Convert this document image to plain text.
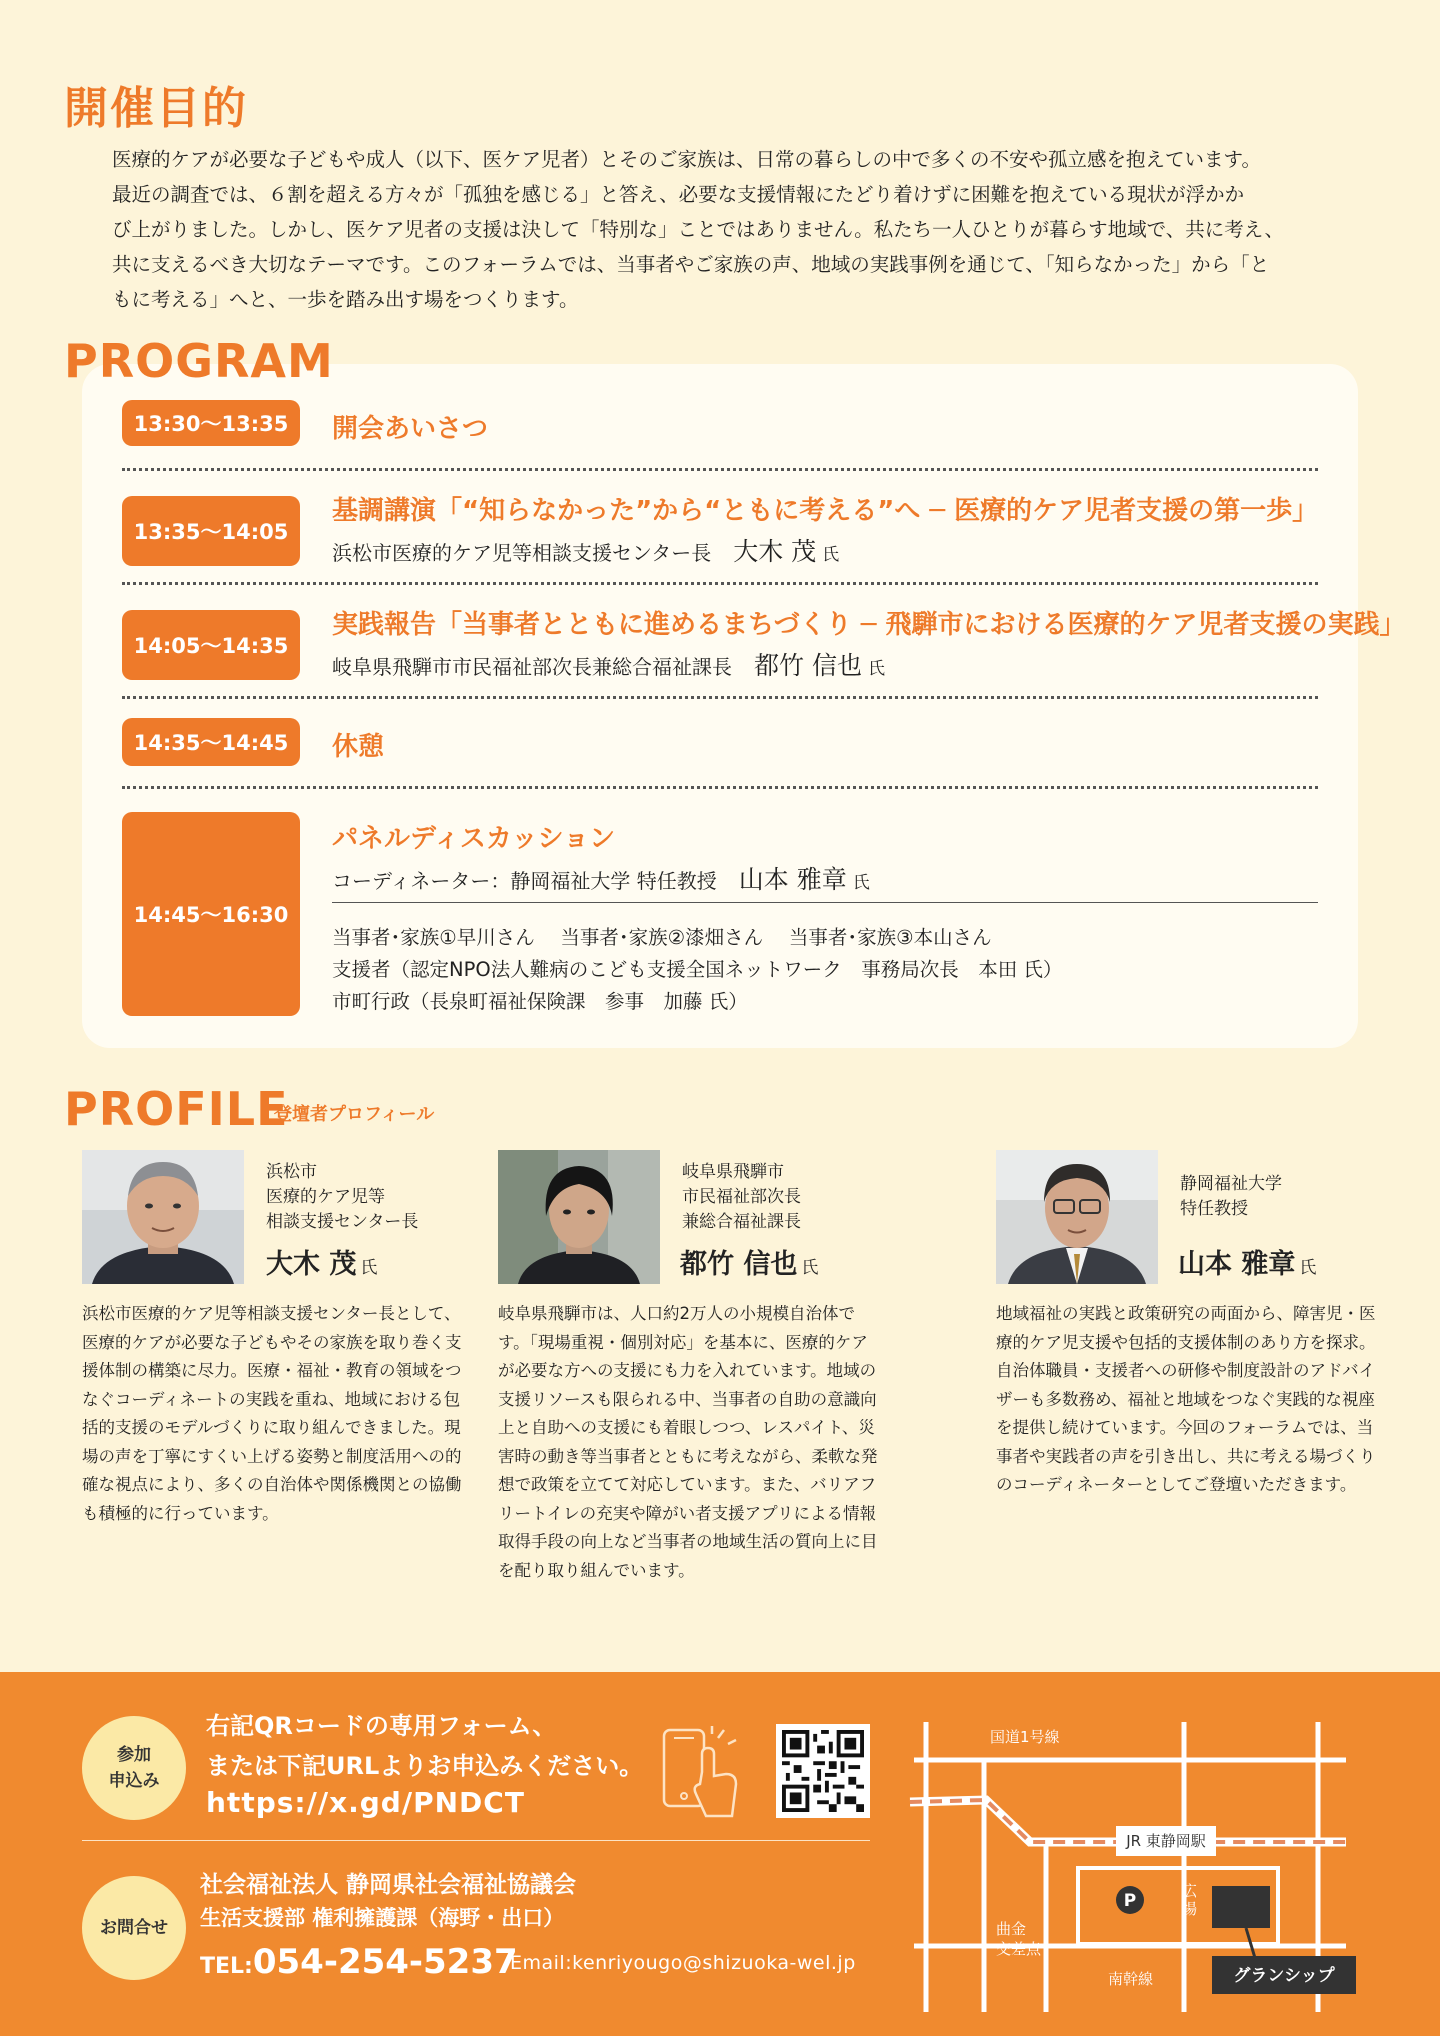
開催目的
医療的ケアが必要な子どもや成人（以下、医ケア児者）とそのご家族は、日常の暮らしの中で多くの不安や孤立感を抱えています。
最近の調査では、６割を超える方々が「孤独を感じる」と答え、必要な支援情報にたどり着けずに困難を抱えている現状が浮かか
び上がりました。しかし、医ケア児者の支援は決して「特別な」ことではありません。私たち一人ひとりが暮らす地域で、共に考え、
共に支えるべき大切なテーマです。このフォーラムでは、当事者やご家族の声、地域の実践事例を通じて、「知らなかった」から「と
もに考える」へと、一歩を踏み出す場をつくります。
PROGRAM
13:30〜13:35	開会あいさつ
13:35〜14:05
基調講演「“知らなかった”から“ともに考える”へ ─ 医療的ケア児者支援の第一歩」
浜松市医療的ケア児等相談支援センター長 大木 茂 氏
14:05〜14:35
実践報告「当事者とともに進めるまちづくり ─ 飛騨市における医療的ケア児者支援の実践」
岐阜県飛騨市市民福祉部次長兼総合福祉課長 都竹 信也 氏
14:35〜14:45	休憩
14:45〜16:30
パネルディスカッション
コーディネーター：静岡福祉大学 特任教授 山本 雅章 氏
当事者･家族①早川さん　 当事者･家族②漆畑さん　 当事者･家族③本山さん
支援者（認定NPO法人難病のこども支援全国ネットワーク　事務局次長　本田 氏）
市町行政（長泉町福祉保険課　参事　加藤 氏）
PROFILE
登壇者プロフィール
浜松市
医療的ケア児等
相談支援センター長
大木 茂 氏
浜松市医療的ケア児等相談支援センター長として、医療的ケアが必要な子どもやその家族を取り巻く支援体制の構築に尽力。医療・福祉・教育の領域をつなぐコーディネートの実践を重ね、地域における包括的支援のモデルづくりに取り組んできました。現場の声を丁寧にすくい上げる姿勢と制度活用への的確な視点により、多くの自治体や関係機関との協働も積極的に行っています。
岐阜県飛騨市
市民福祉部次長
兼総合福祉課長
都竹 信也 氏
岐阜県飛騨市は、人口約2万人の小規模自治体です。「現場重視・個別対応」を基本に、医療的ケアが必要な方への支援にも力を入れています。地域の支援リソースも限られる中、当事者の自助の意識向上と自助への支援にも着眼しつつ、レスパイト、災害時の動き等当事者とともに考えながら、柔軟な発想で政策を立てて対応しています。また、バリアフリートイレの充実や障がい者支援アプリによる情報取得手段の向上など当事者の地域生活の質向上に目を配り取り組んでいます。
静岡福祉大学
特任教授
山本 雅章 氏
地域福祉の実践と政策研究の両面から、障害児・医療的ケア児支援や包括的支援体制のあり方を探求。自治体職員・支援者への研修や制度設計のアドバイザーも多数務め、福祉と地域をつなぐ実践的な視座を提供し続けています。今回のフォーラムでは、当事者や実践者の声を引き出し、共に考える場づくりのコーディネーターとしてご登壇いただきます。
参加
申込み
右記QRコードの専用フォーム、
または下記URLよりお申込みください。
https://x.gd/PNDCT
お問合せ
社会福祉法人 静岡県社会福祉協議会
生活支援部 権利擁護課（海野・出口）
TEL:054-254-5237
Email:kenriyougo@shizuoka-wel.jp
国道1号線
JR 東静岡駅
P	広
場
曲金
交差点
南幹線	グランシップ
